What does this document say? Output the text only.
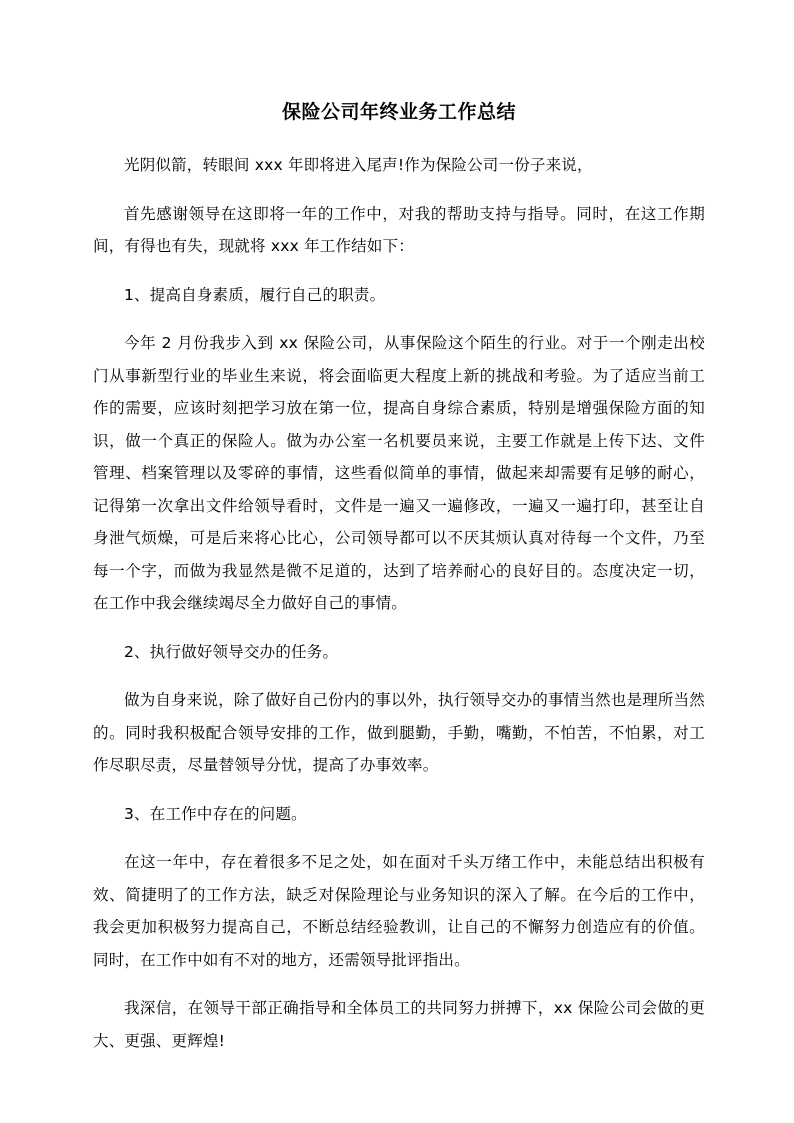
保险公司年终业务工作总结

光阴似箭，转眼间 xxx 年即将进入尾声!作为保险公司一份子来说，

首先感谢领导在这即将一年的工作中，对我的帮助支持与指导。同时，在这工作期间，有得也有失，现就将 xxx 年工作结如下：

1、提高自身素质，履行自己的职责。

今年 2 月份我步入到 xx 保险公司，从事保险这个陌生的行业。对于一个刚走出校门从事新型行业的毕业生来说，将会面临更大程度上新的挑战和考验。为了适应当前工作的需要，应该时刻把学习放在第一位，提高自身综合素质，特别是增强保险方面的知识，做一个真正的保险人。做为办公室一名机要员来说，主要工作就是上传下达、文件管理、档案管理以及零碎的事情，这些看似简单的事情，做起来却需要有足够的耐心，记得第一次拿出文件给领导看时，文件是一遍又一遍修改，一遍又一遍打印，甚至让自身泄气烦燥，可是后来将心比心，公司领导都可以不厌其烦认真对待每一个文件，乃至每一个字，而做为我显然是微不足道的，达到了培养耐心的良好目的。态度决定一切，在工作中我会继续竭尽全力做好自己的事情。

2、执行做好领导交办的任务。

做为自身来说，除了做好自己份内的事以外，执行领导交办的事情当然也是理所当然的。同时我积极配合领导安排的工作，做到腿勤，手勤，嘴勤，不怕苦，不怕累，对工作尽职尽责，尽量替领导分忧，提高了办事效率。

3、在工作中存在的问题。

在这一年中，存在着很多不足之处，如在面对千头万绪工作中，未能总结出积极有效、简捷明了的工作方法，缺乏对保险理论与业务知识的深入了解。在今后的工作中，我会更加积极努力提高自己，不断总结经验教训，让自己的不懈努力创造应有的价值。同时，在工作中如有不对的地方，还需领导批评指出。

我深信，在领导干部正确指导和全体员工的共同努力拼搏下，xx 保险公司会做的更大、更强、更辉煌!
